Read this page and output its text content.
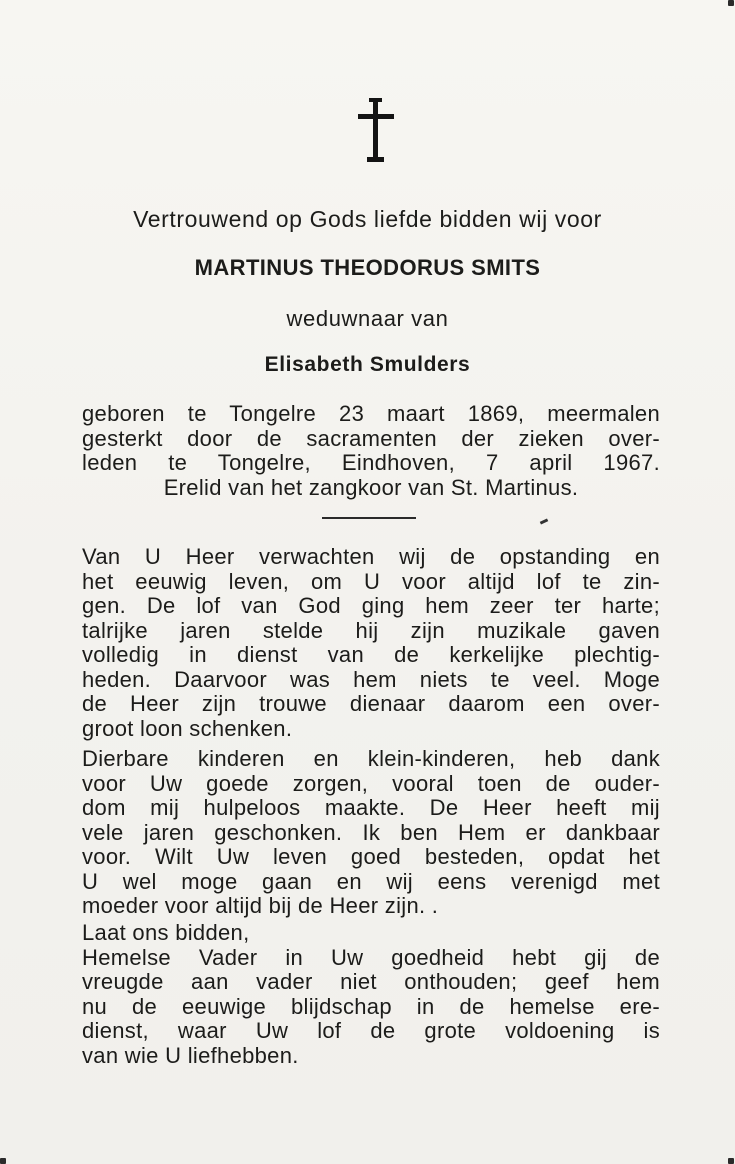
Vertrouwend op Gods liefde bidden wij voor
MARTINUS THEODORUS SMITS
weduwnaar van
Elisabeth Smulders
geboren te Tongelre 23 maart 1869, meermalen
gesterkt door de sacramenten der zieken over-
leden te Tongelre, Eindhoven, 7 april 1967.
Erelid van het zangkoor van St. Martinus.
Van U Heer verwachten wij de opstanding en
het eeuwig leven, om U voor altijd lof te zin-
gen. De lof van God ging hem zeer ter harte;
talrijke jaren stelde hij zijn muzikale gaven
volledig in dienst van de kerkelijke plechtig-
heden. Daarvoor was hem niets te veel. Moge
de Heer zijn trouwe dienaar daarom een over-
groot loon schenken.
Dierbare kinderen en klein-kinderen, heb dank
voor Uw goede zorgen, vooral toen de ouder-
dom mij hulpeloos maakte. De Heer heeft mij
vele jaren geschonken. Ik ben Hem er dankbaar
voor. Wilt Uw leven goed besteden, opdat het
U wel moge gaan en wij eens verenigd met
moeder voor altijd bij de Heer zijn. .
Laat ons bidden,
Hemelse Vader in Uw goedheid hebt gij de
vreugde aan vader niet onthouden; geef hem
nu de eeuwige blijdschap in de hemelse ere-
dienst, waar Uw lof de grote voldoening is
van wie U liefhebben.
